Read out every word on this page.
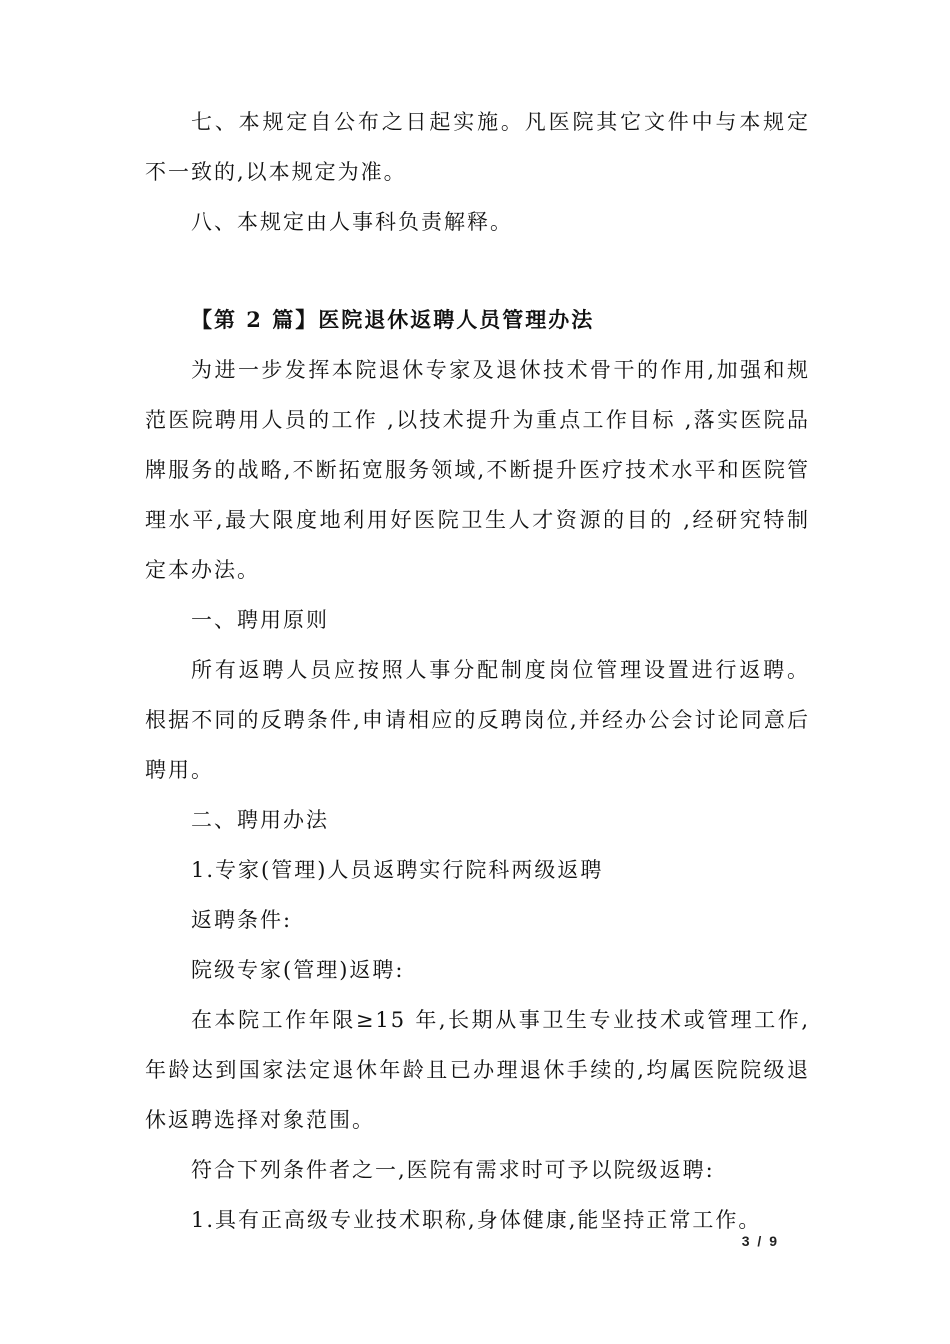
七、本规定自公布之日起实施。凡医院其它文件中与本规定不一致的,以本规定为准。

八、本规定由人事科负责解释。

【第 2 篇】医院退休返聘人员管理办法

为进一步发挥本院退休专家及退休技术骨干的作用,加强和规范医院聘用人员的工作 ,以技术提升为重点工作目标 ,落实医院品牌服务的战略,不断拓宽服务领域,不断提升医疗技术水平和医院管理水平,最大限度地利用好医院卫生人才资源的目的 ,经研究特制定本办法。

一、聘用原则

所有返聘人员应按照人事分配制度岗位管理设置进行返聘。根据不同的反聘条件,申请相应的反聘岗位,并经办公会讨论同意后聘用。

二、聘用办法

1.专家(管理)人员返聘实行院科两级返聘

返聘条件:

院级专家(管理)返聘:

在本院工作年限≥15 年,长期从事卫生专业技术或管理工作,年龄达到国家法定退休年龄且已办理退休手续的,均属医院院级退休返聘选择对象范围。

符合下列条件者之一,医院有需求时可予以院级返聘:

1.具有正高级专业技术职称,身体健康,能坚持正常工作。

3 / 9
